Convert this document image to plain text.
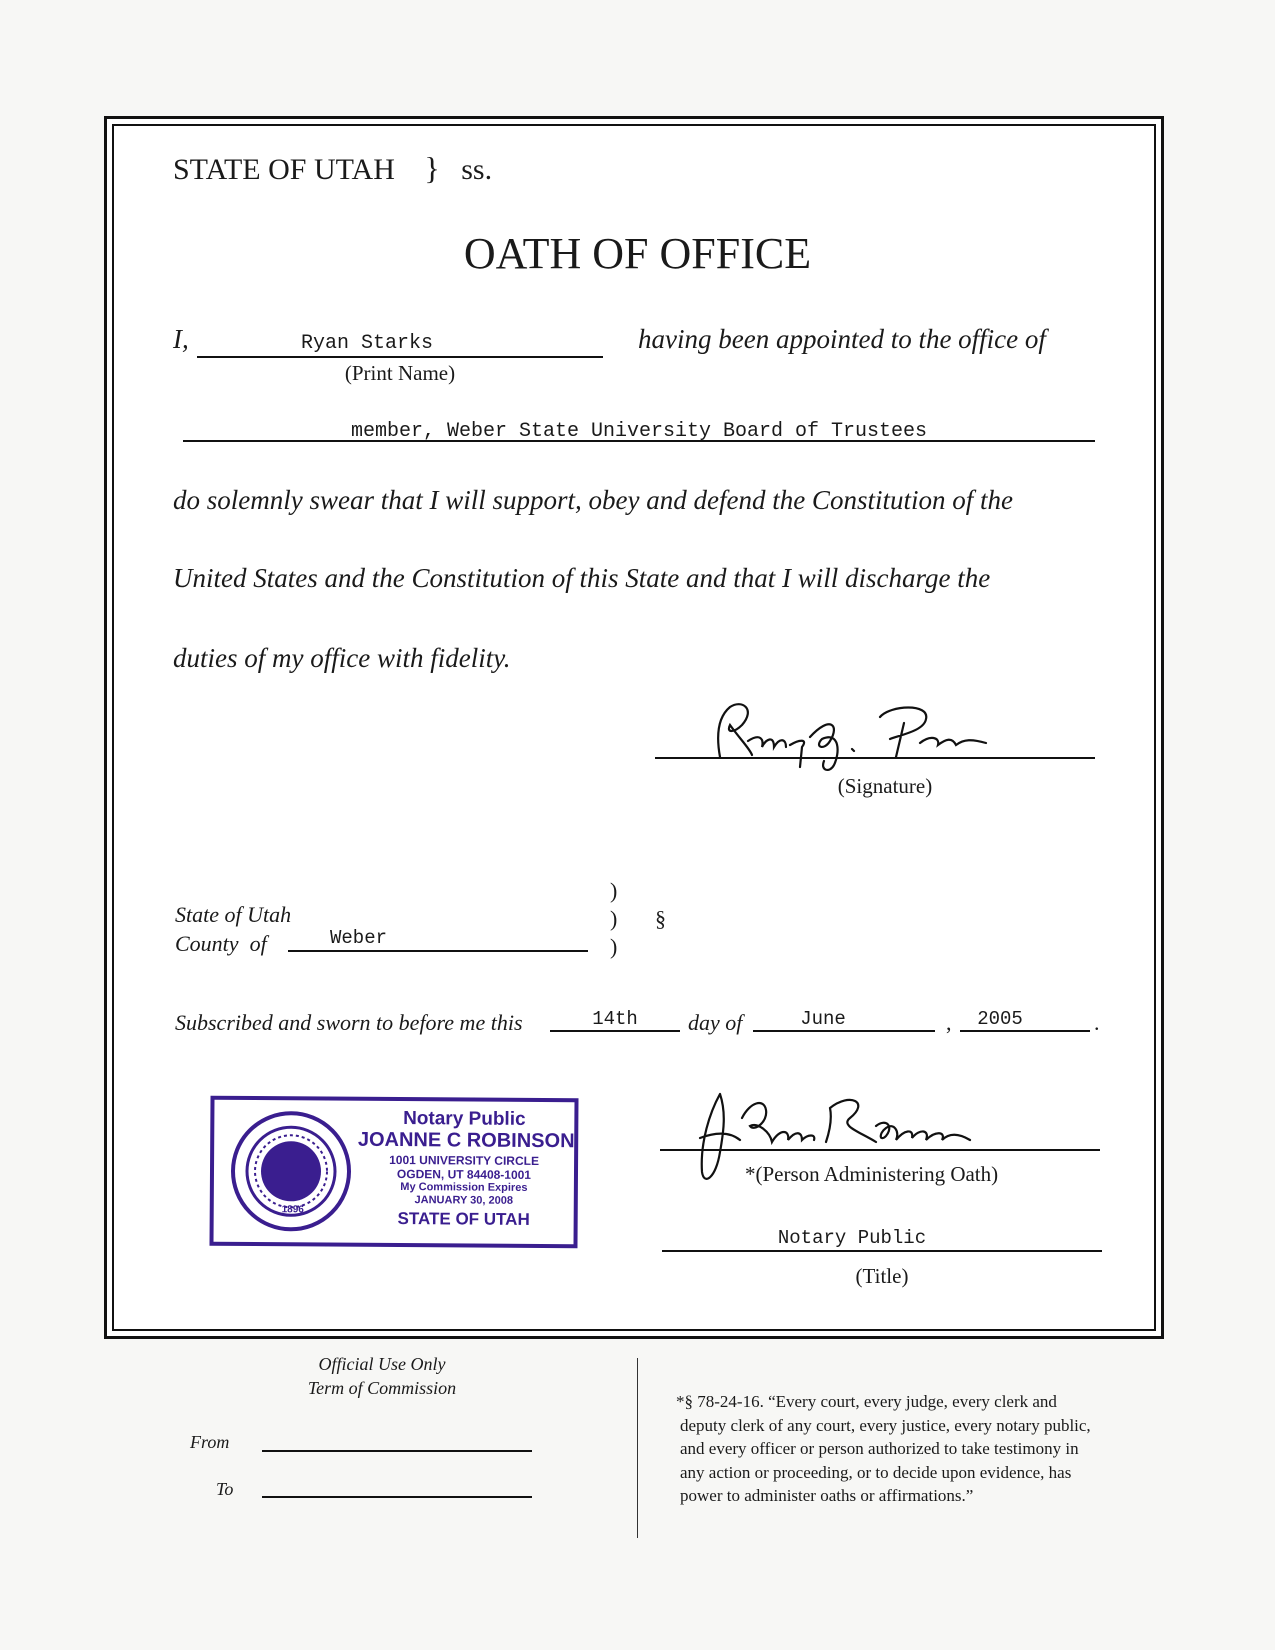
STATE OF UTAH } ss.
OATH OF OFFICE
I,	Ryan Starks
(Print Name)
having been appointed to the office of
member, Weber State University Board of Trustees
do solemnly swear that I will support, obey and defend the Constitution of the
United States and the Constitution of this State and that I will discharge the
duties of my office with fidelity.
(Signature)
State of Utah
County of	Weber
)
)
)
§
Subscribed and sworn to before me this	14th	day of	June	,	2005	.
1896
Notary Public
JOANNE C ROBINSON
1001 UNIVERSITY CIRCLE
OGDEN, UT 84408-1001
My Commission Expires
JANUARY 30, 2008
STATE OF UTAH
*(Person Administering Oath)
Notary Public
(Title)
Official Use Only
Term of Commission
From
To
*§ 78-24-16. “Every court, every judge, every clerk and
deputy clerk of any court, every justice, every notary public,
and every officer or person authorized to take testimony in
any action or proceeding, or to decide upon evidence, has
power to administer oaths or affirmations.”
